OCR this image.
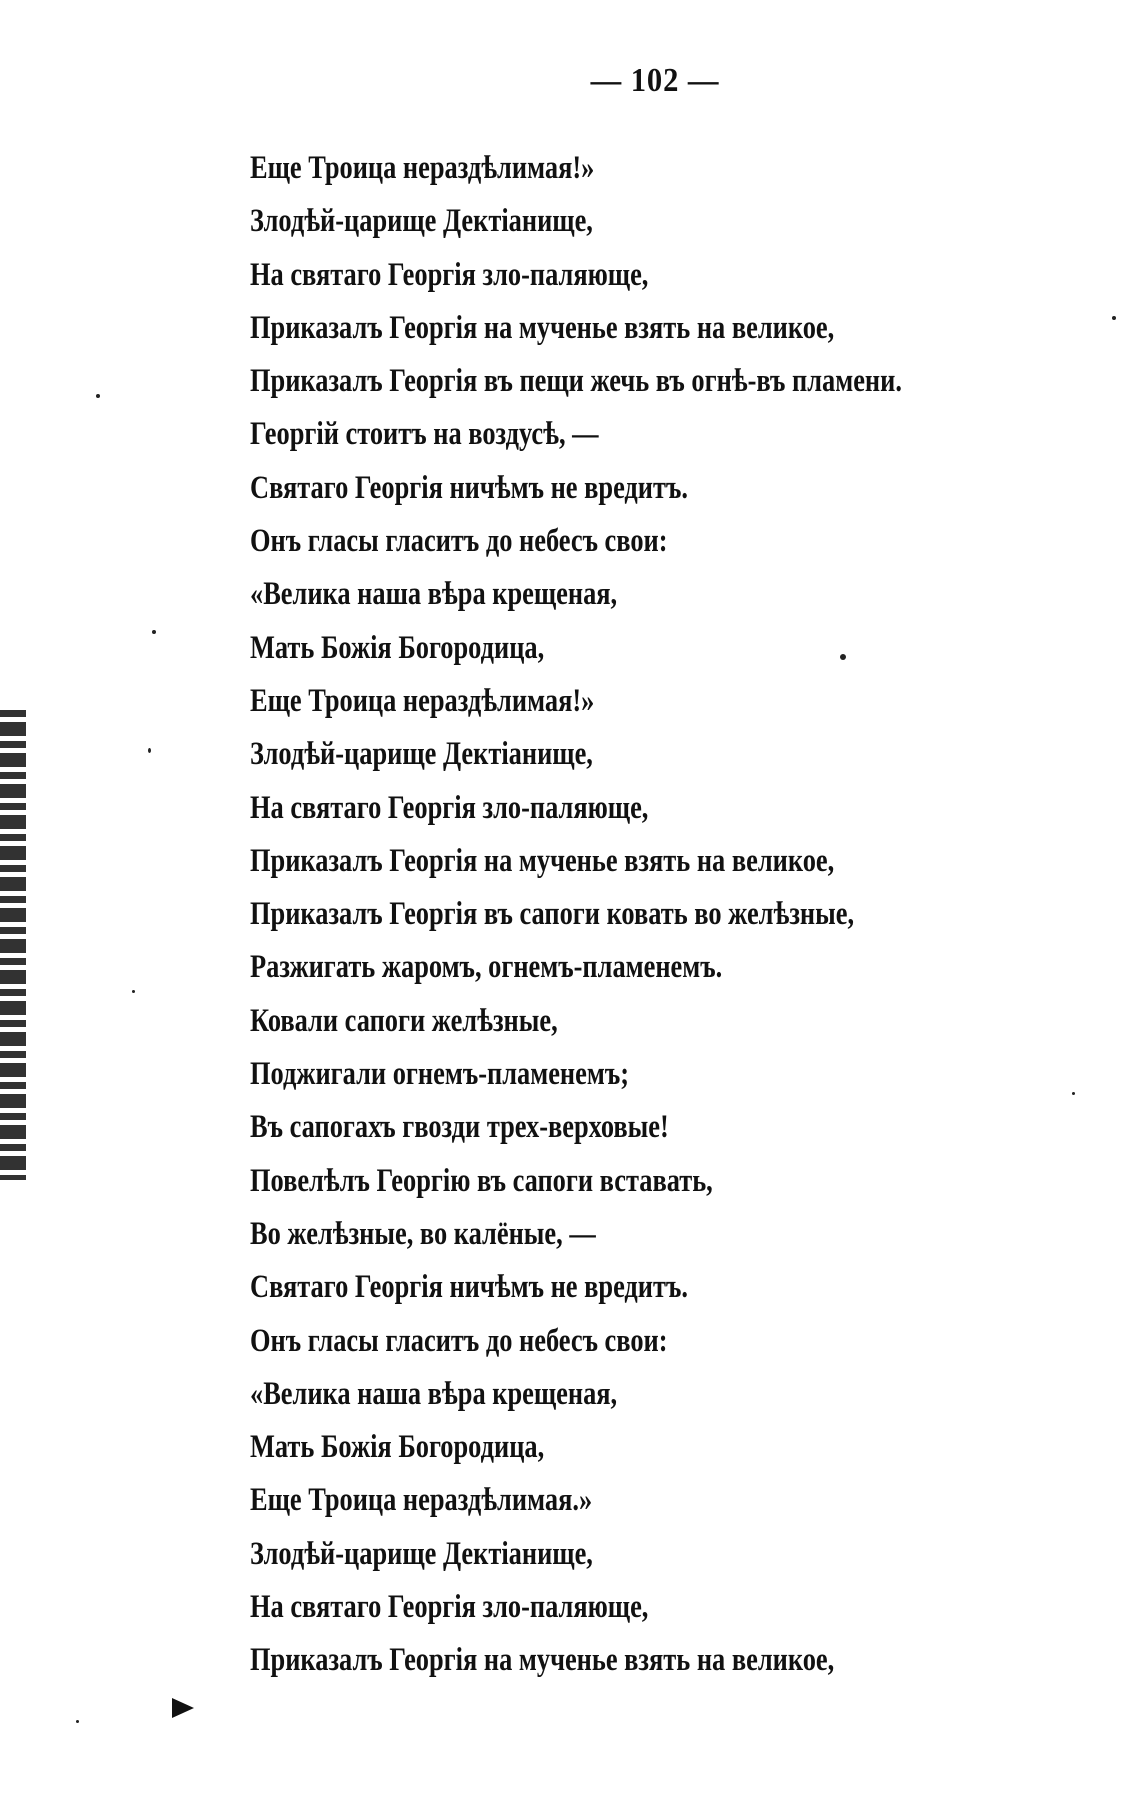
— 102 —
Еще Троица нераздѣлимая!»
Злодѣй-царище Дектіанище,
На святаго Георгія зло-паляюще,
Приказалъ Георгія на мученье взять на великое,
Приказалъ Георгія въ пещи жечь въ огнѣ-въ пламени.
Георгій стоитъ на воздусѣ, —
Святаго Георгія ничѣмъ не вредитъ.
Онъ гласы гласитъ до небесъ свои:
«Велика наша вѣра крещеная,
Мать Божія Богородица,
Еще Троица нераздѣлимая!»
Злодѣй-царище Дектіанище,
На святаго Георгія зло-паляюще,
Приказалъ Георгія на мученье взять на великое,
Приказалъ Георгія въ сапоги ковать во желѣзные,
Разжигать жаромъ, огнемъ-пламенемъ.
Ковали сапоги желѣзные,
Поджигали огнемъ-пламенемъ;
Въ сапогахъ гвозди трех-верховые!
Повелѣлъ Георгію въ сапоги вставать,
Во желѣзные, во калёные, —
Святаго Георгія ничѣмъ не вредитъ.
Онъ гласы гласитъ до небесъ свои:
«Велика наша вѣра крещеная,
Мать Божія Богородица,
Еще Троица нераздѣлимая.»
Злодѣй-царище Дектіанище,
На святаго Георгія зло-паляюще,
Приказалъ Георгія на мученье взять на великое,
